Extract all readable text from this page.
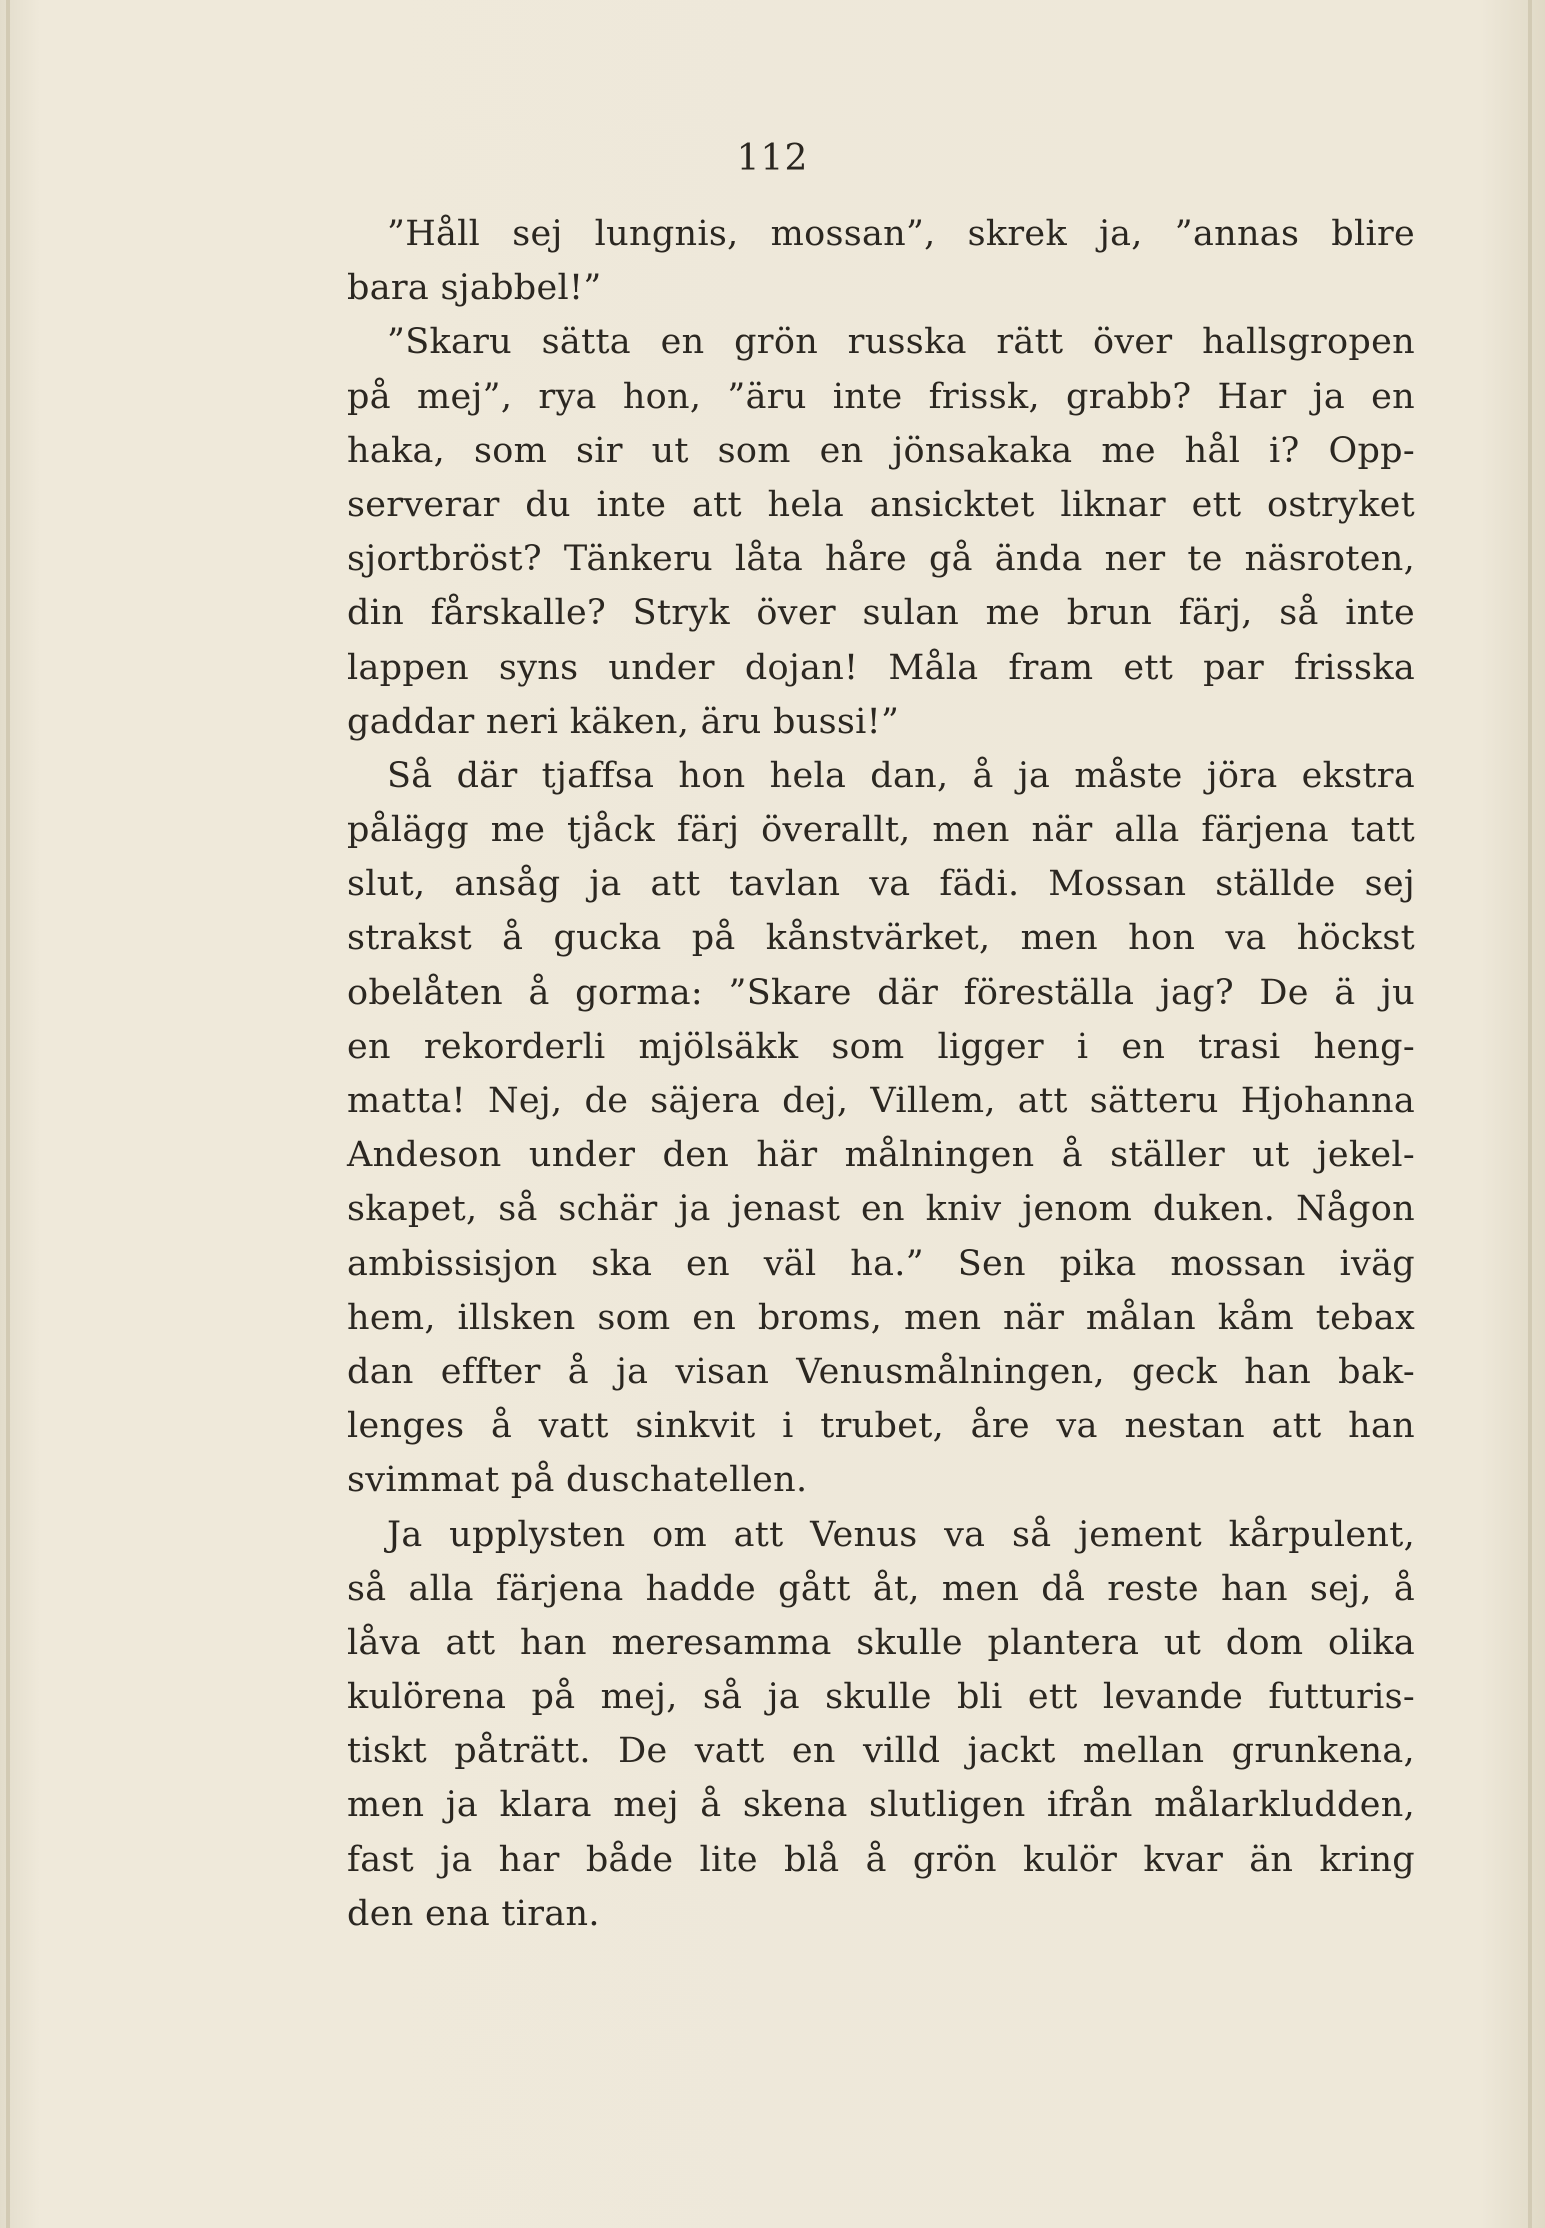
112
”Håll sej lungnis, mossan”, skrek ja, ”annas blire
bara sjabbel!”
”Skaru sätta en grön russka rätt över hallsgropen
på mej”, rya hon, ”äru inte frissk, grabb? Har ja en
haka, som sir ut som en jönsakaka me hål i? Opp-
serverar du inte att hela ansicktet liknar ett ostryket
sjortbröst? Tänkeru låta håre gå ända ner te näsroten,
din fårskalle? Stryk över sulan me brun färj, så inte
lappen syns under dojan! Måla fram ett par frisska
gaddar neri käken, äru bussi!”
Så där tjaffsa hon hela dan, å ja måste jöra ekstra
pålägg me tjåck färj överallt, men när alla färjena tatt
slut, ansåg ja att tavlan va fädi. Mossan ställde sej
strakst å gucka på kånstvärket, men hon va höckst
obelåten å gorma: ”Skare där föreställa jag? De ä ju
en rekorderli mjölsäkk som ligger i en trasi heng-
matta! Nej, de säjera dej, Villem, att sätteru Hjohanna
Andeson under den här målningen å ställer ut jekel-
skapet, så schär ja jenast en kniv jenom duken. Någon
ambissisjon ska en väl ha.” Sen pika mossan iväg
hem, illsken som en broms, men när målan kåm tebax
dan effter å ja visan Venusmålningen, geck han bak-
lenges å vatt sinkvit i trubet, åre va nestan att han
svimmat på duschatellen.
Ja upplysten om att Venus va så jement kårpulent,
så alla färjena hadde gått åt, men då reste han sej, å
låva att han meresamma skulle plantera ut dom olika
kulörena på mej, så ja skulle bli ett levande futturis-
tiskt påträtt. De vatt en villd jackt mellan grunkena,
men ja klara mej å skena slutligen ifrån målarkludden,
fast ja har både lite blå å grön kulör kvar än kring
den ena tiran.
